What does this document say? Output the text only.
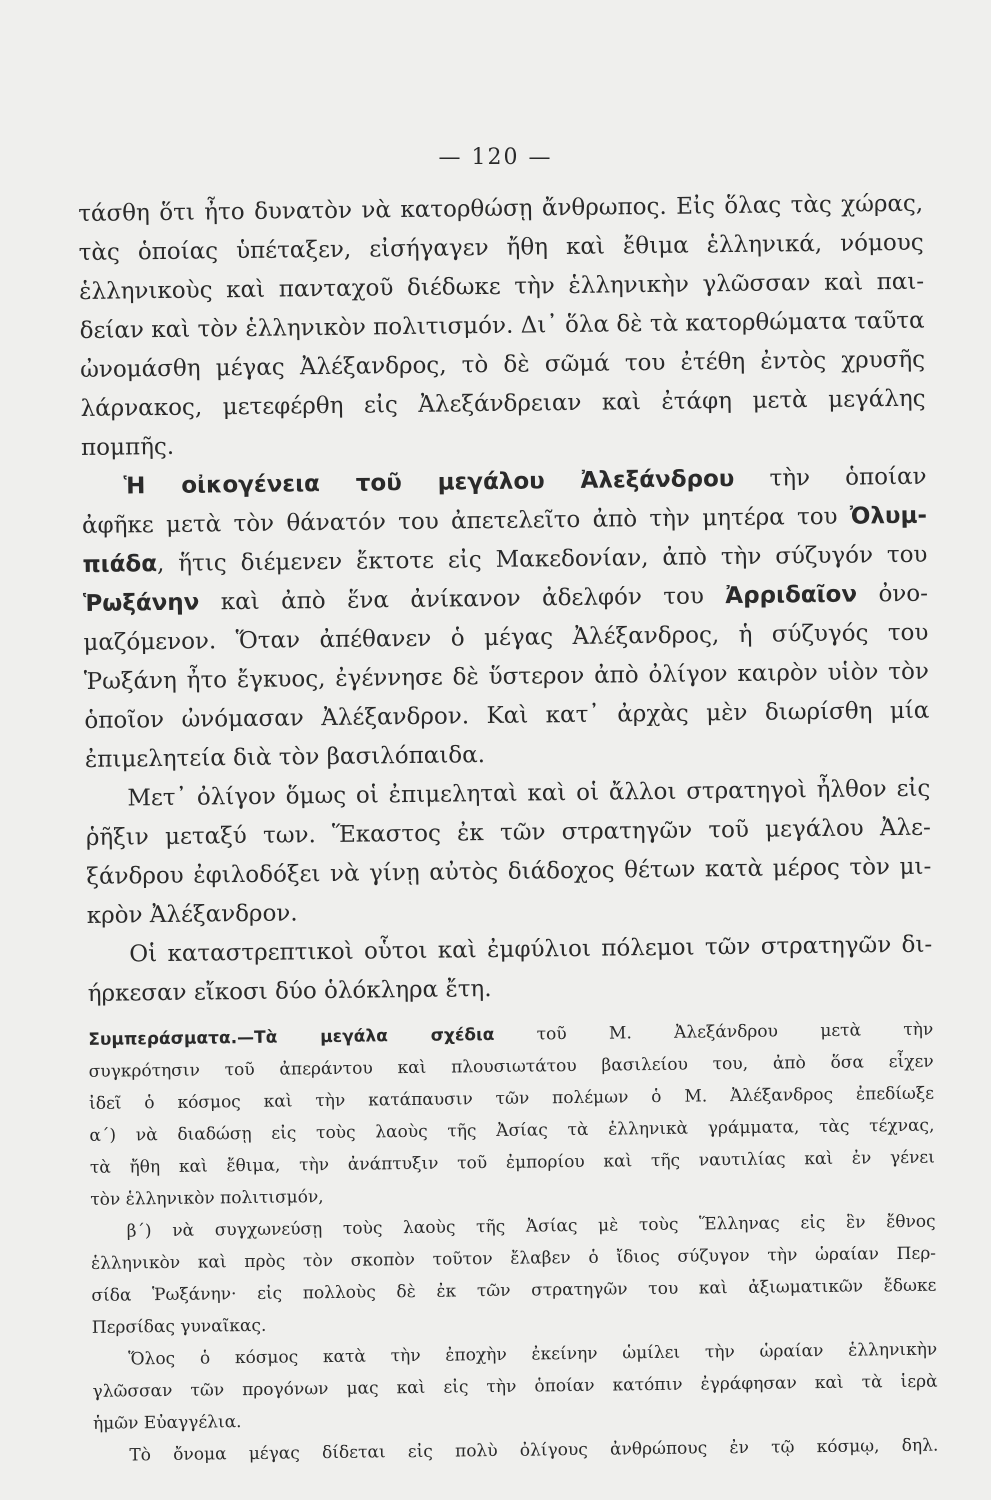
— 120 —

τάσθη ὅτι ἦτο δυνατὸν νὰ κατορθώσῃ ἄνθρωπος. Εἰς ὅλας τὰς χώρας,

τὰς ὁποίας ὑπέταξεν, εἰσήγαγεν ἤθη καὶ ἔθιμα ἑλληνικά, νόμους

ἑλληνικοὺς καὶ πανταχοῦ διέδωκε τὴν ἑλληνικὴν γλῶσσαν καὶ παι-

δείαν καὶ τὸν ἑλληνικὸν πολιτισμόν. Δι᾽ ὅλα δὲ τὰ κατορθώματα ταῦτα

ὠνομάσθη μέγας Ἀλέξανδρος, τὸ δὲ σῶμά του ἐτέθη ἐντὸς χρυσῆς

λάρνακος, μετεφέρθη εἰς Ἀλεξάνδρειαν καὶ ἐτάφη μετὰ μεγάλης

πομπῆς.

Ἡ οἰκογένεια τοῦ μεγάλου Ἀλεξάνδρου τὴν ὁποίαν

ἀφῆκε μετὰ τὸν θάνατόν του ἀπετελεῖτο ἀπὸ τὴν μητέρα του Ὀλυμ-

πιάδα, ἥτις διέμενεν ἔκτοτε εἰς Μακεδονίαν, ἀπὸ τὴν σύζυγόν του

Ῥωξάνην καὶ ἀπὸ ἕνα ἀνίκανον ἀδελφόν του Ἀρριδαῖον ὀνο-

μαζόμενον. Ὅταν ἀπέθανεν ὁ μέγας Ἀλέξανδρος, ἡ σύζυγός του

Ῥωξάνη ἦτο ἔγκυος, ἐγέννησε δὲ ὕστερον ἀπὸ ὀλίγον καιρὸν υἱὸν τὸν

ὁποῖον ὠνόμασαν Ἀλέξανδρον. Καὶ κατ᾽ ἀρχὰς μὲν διωρίσθη μία

ἐπιμελητεία διὰ τὸν βασιλόπαιδα.

Μετ᾽ ὀλίγον ὅμως οἱ ἐπιμεληταὶ καὶ οἱ ἄλλοι στρατηγοὶ ἦλθον εἰς

ῥῆξιν μεταξύ των. Ἕκαστος ἐκ τῶν στρατηγῶν τοῦ μεγάλου Ἀλε-

ξάνδρου ἐφιλοδόξει νὰ γίνῃ αὐτὸς διάδοχος θέτων κατὰ μέρος τὸν μι-

κρὸν Ἀλέξανδρον.

Οἱ καταστρεπτικοὶ οὗτοι καὶ ἐμφύλιοι πόλεμοι τῶν στρατηγῶν δι-

ήρκεσαν εἴκοσι δύο ὁλόκληρα ἔτη.

Συμπεράσματα.—Τὰ μεγάλα σχέδια τοῦ Μ. Ἀλεξάνδρου μετὰ τὴν

συγκρότησιν τοῦ ἀπεράντου καὶ πλουσιωτάτου βασιλείου του, ἀπὸ ὅσα εἶχεν

ἰδεῖ ὁ κόσμος καὶ τὴν κατάπαυσιν τῶν πολέμων ὁ Μ. Ἀλέξανδρος ἐπεδίωξε

α΄) νὰ διαδώσῃ εἰς τοὺς λαοὺς τῆς Ἀσίας τὰ ἑλληνικὰ γράμματα, τὰς τέχνας,

τὰ ἤθη καὶ ἔθιμα, τὴν ἀνάπτυξιν τοῦ ἐμπορίου καὶ τῆς ναυτιλίας καὶ ἐν γένει

τὸν ἑλληνικὸν πολιτισμόν,

β΄) νὰ συγχωνεύσῃ τοὺς λαοὺς τῆς Ἀσίας μὲ τοὺς Ἕλληνας εἰς ἓν ἔθνος

ἑλληνικὸν καὶ πρὸς τὸν σκοπὸν τοῦτον ἔλαβεν ὁ ἴδιος σύζυγον τὴν ὡραίαν Περ-

σίδα Ῥωξάνην· εἰς πολλοὺς δὲ ἐκ τῶν στρατηγῶν του καὶ ἀξιωματικῶν ἔδωκε

Περσίδας γυναῖκας.

Ὅλος ὁ κόσμος κατὰ τὴν ἐποχὴν ἐκείνην ὡμίλει τὴν ὡραίαν ἑλληνικὴν

γλῶσσαν τῶν προγόνων μας καὶ εἰς τὴν ὁποίαν κατόπιν ἐγράφησαν καὶ τὰ ἱερὰ

ἡμῶν Εὐαγγέλια.

Τὸ ὄνομα μέγας δίδεται εἰς πολὺ ὀλίγους ἀνθρώπους ἐν τῷ κόσμῳ, δηλ.
